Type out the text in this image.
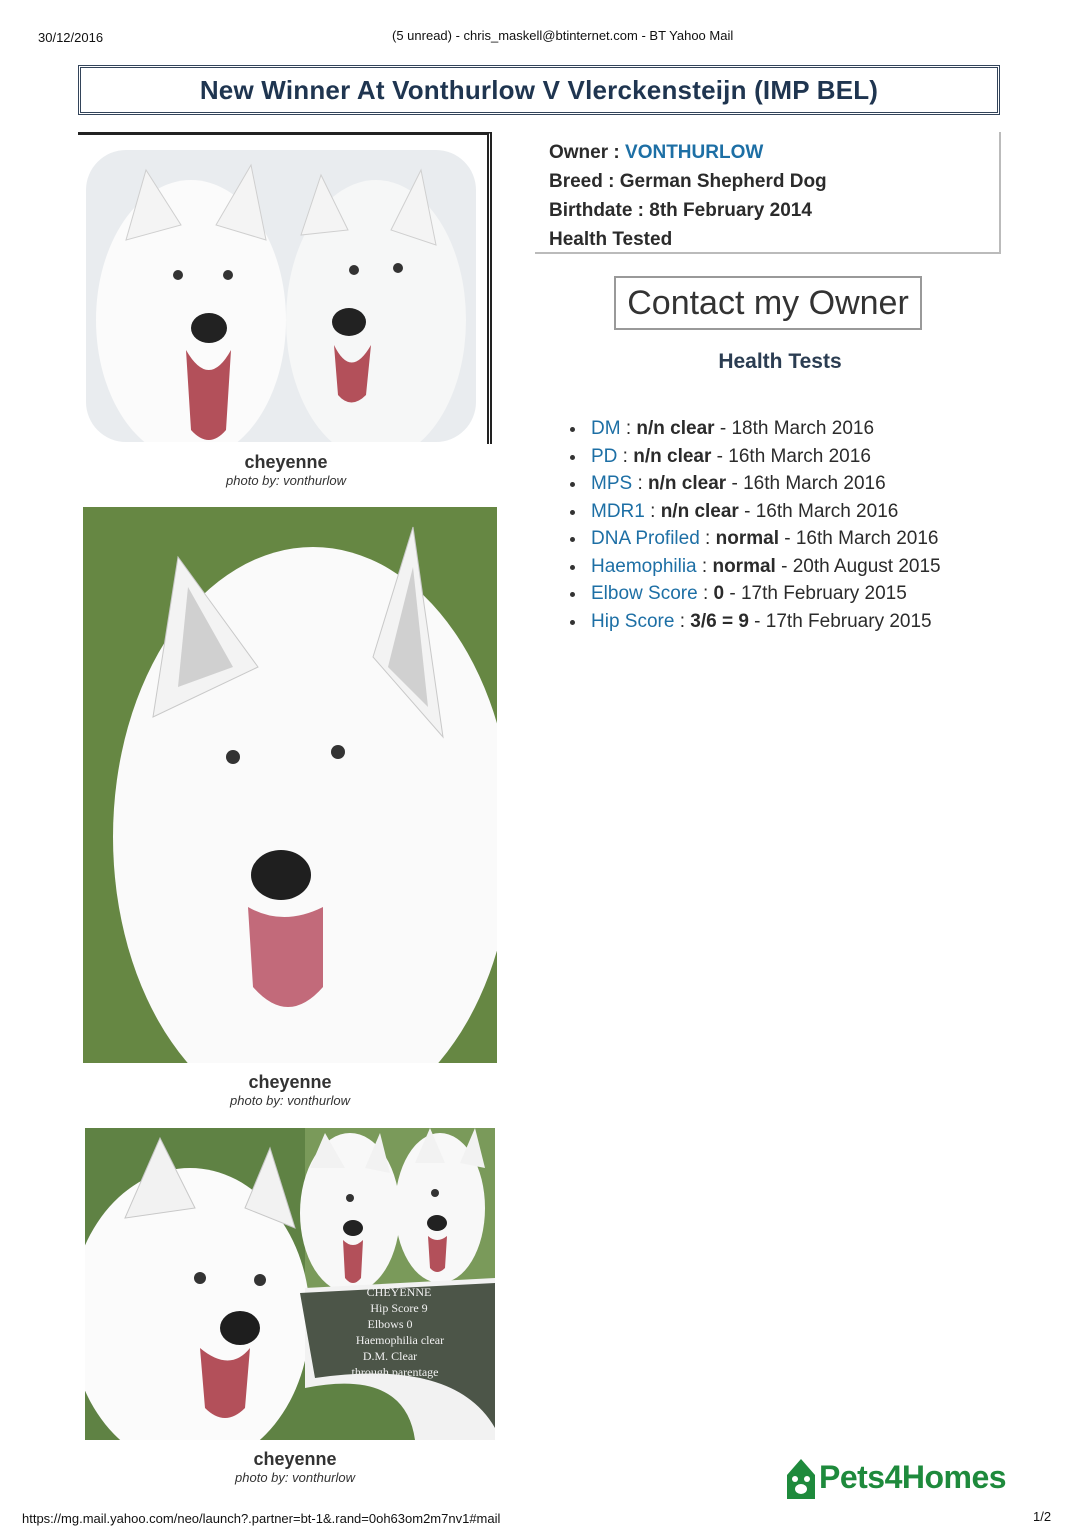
30/12/2016	(5 unread) - chris_maskell@btinternet.com - BT Yahoo Mail
New Winner At Vonthurlow V Vlerckensteijn (IMP BEL)
cheyenne
photo by: vonthurlow
cheyenne
photo by: vonthurlow
CHEYENNE
Hip Score 9
Elbows 0
Haemophilia clear
D.M. Clear
through parentage
cheyenne
photo by: vonthurlow
Owner : VONTHURLOW
Breed : German Shepherd Dog
Birthdate : 8th February 2014
Health Tested
Contact my Owner
Health Tests
DM : n/n clear - 18th March 2016
PD : n/n clear - 16th March 2016
MPS : n/n clear - 16th March 2016
MDR1 : n/n clear - 16th March 2016
DNA Profiled : normal - 16th March 2016
Haemophilia : normal - 20th August 2015
Elbow Score : 0 - 17th February 2015
Hip Score : 3/6 = 9 - 17th February 2015
Pets4Homes
https://mg.mail.yahoo.com/neo/launch?.partner=bt-1&.rand=0oh63om2m7nv1#mail	1/2
